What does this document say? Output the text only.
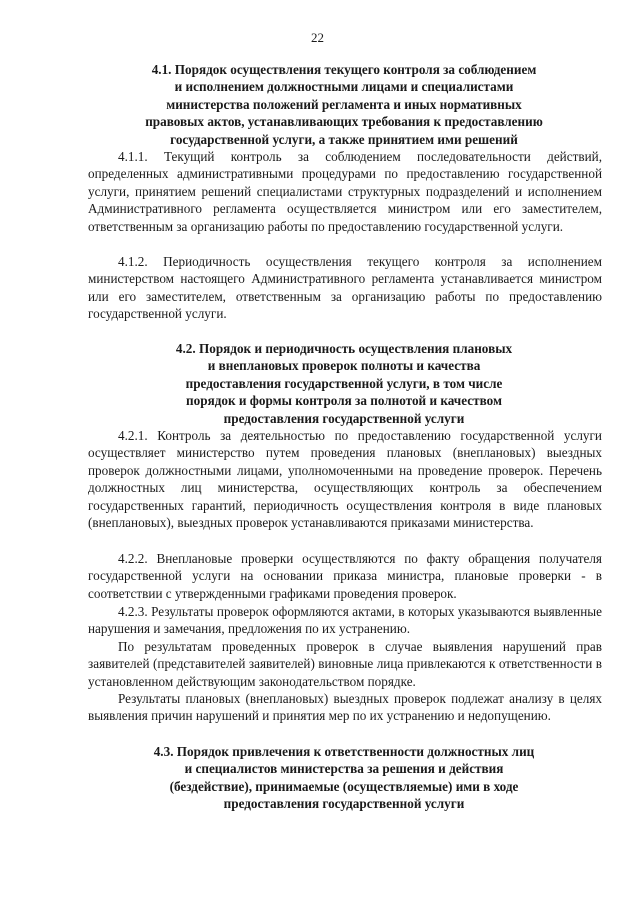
22
4.1. Порядок осуществления текущего контроля за соблюдением
и исполнением должностными лицами и специалистами
министерства положений регламента и иных нормативных
правовых актов, устанавливающих требования к предоставлению
государственной услуги, а также принятием ими решений

4.1.1. Текущий контроль за соблюдением последовательности действий, определенных административными процедурами по предоставлению государственной услуги, принятием решений специалистами структурных подразделений и исполнением Административного регламента осуществляется министром или его заместителем, ответственным за организацию работы по предоставлению государственной услуги.

4.1.2. Периодичность осуществления текущего контроля за исполнением министерством настоящего Административного регламента устанавливается министром или его заместителем, ответственным за организацию работы по предоставлению государственной услуги.

4.2. Порядок и периодичность осуществления плановых
и внеплановых проверок полноты и качества
предоставления государственной услуги, в том числе
порядок и формы контроля за полнотой и качеством
предоставления государственной услуги

4.2.1. Контроль за деятельностью по предоставлению государственной услуги осуществляет министерство путем проведения плановых (внеплановых) выездных проверок должностными лицами, уполномоченными на проведение проверок. Перечень должностных лиц министерства, осуществляющих контроль за обеспечением государственных гарантий, периодичность осуществления контроля в виде плановых (внеплановых), выездных проверок устанавливаются приказами министерства.

4.2.2. Внеплановые проверки осуществляются по факту обращения получателя государственной услуги на основании приказа министра, плановые проверки - в соответствии с утвержденными графиками проведения проверок.

4.2.3. Результаты проверок оформляются актами, в которых указываются выявленные нарушения и замечания, предложения по их устранению.

По результатам проведенных проверок в случае выявления нарушений прав заявителей (представителей заявителей) виновные лица привлекаются к ответственности в установленном действующим законодательством порядке.

Результаты плановых (внеплановых) выездных проверок подлежат анализу в целях выявления причин нарушений и принятия мер по их устранению и недопущению.

4.3. Порядок привлечения к ответственности должностных лиц
и специалистов министерства за решения и действия
(бездействие), принимаемые (осуществляемые) ими в ходе
предоставления государственной услуги
